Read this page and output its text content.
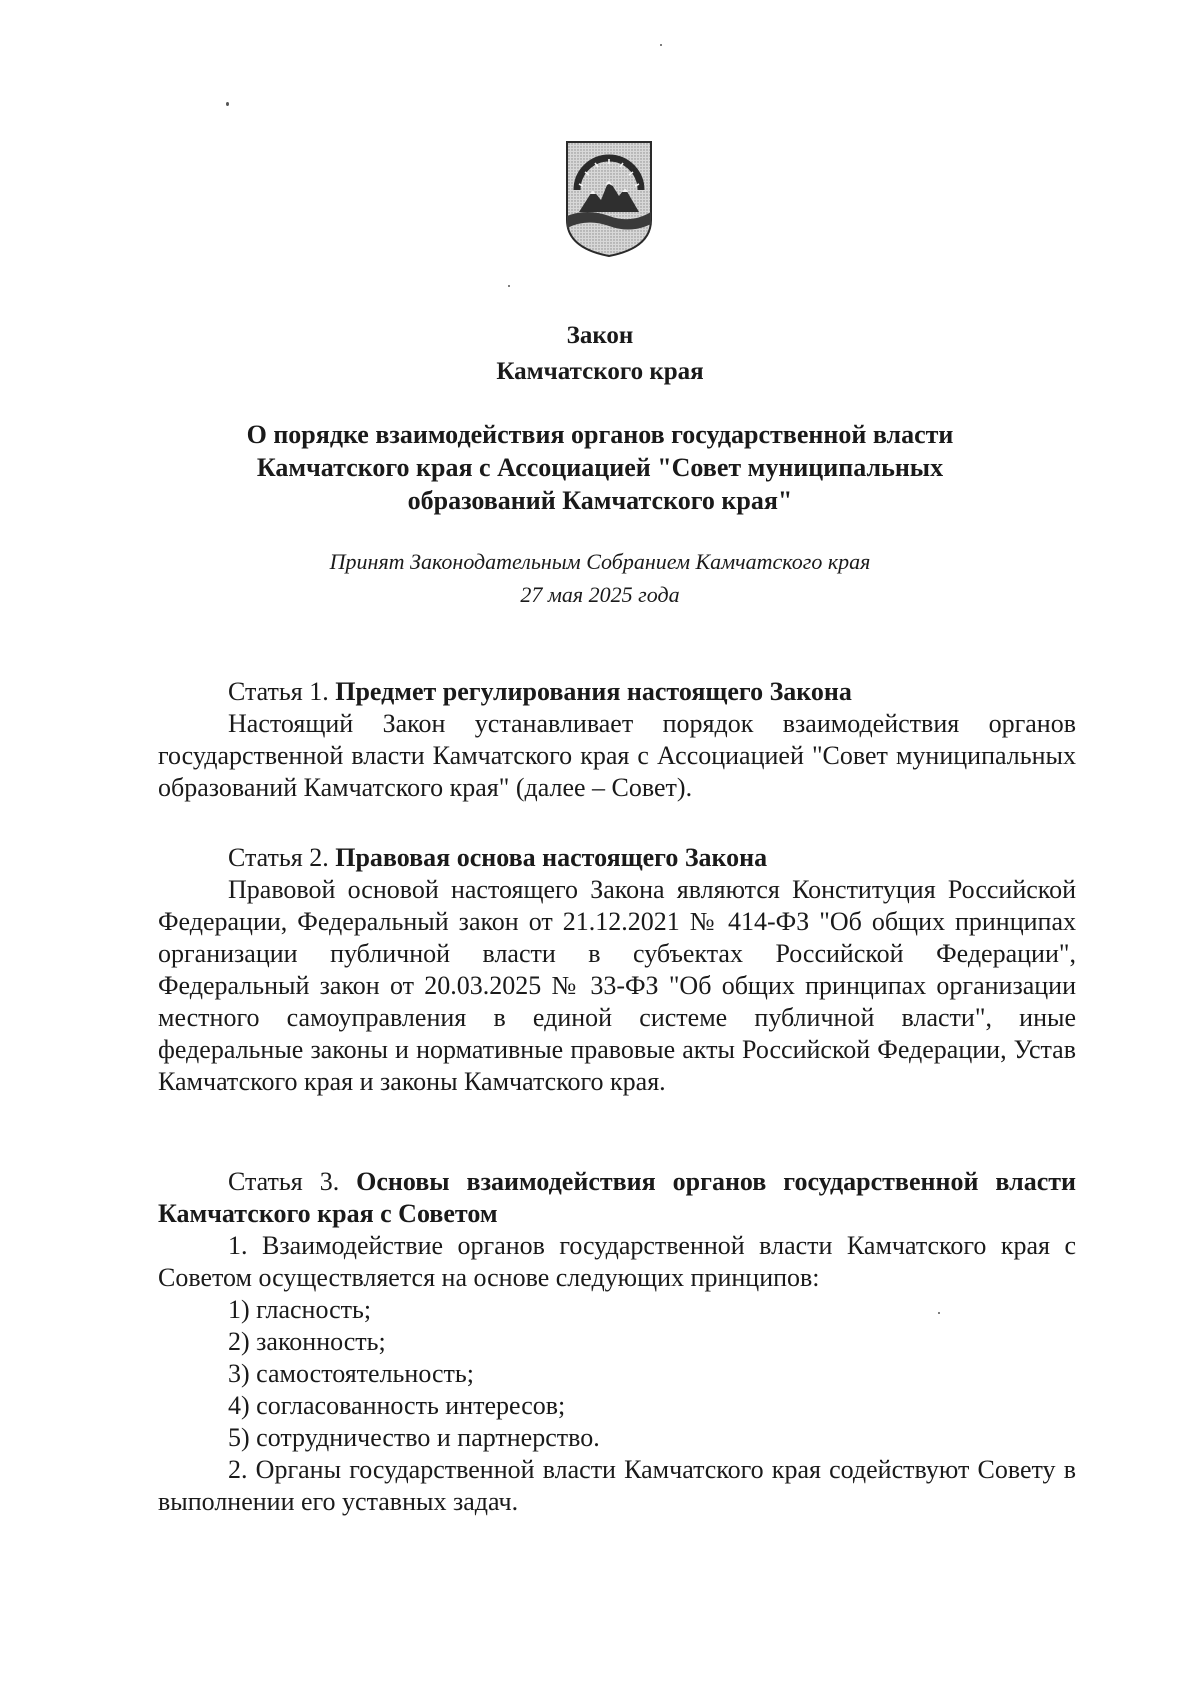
Закон
Камчатского края
О порядке взаимодействия органов государственной власти
Камчатского края с Ассоциацией "Совет муниципальных
образований Камчатского края"
Принят Законодательным Собранием Камчатского края
27 мая 2025 года

Статья 1. Предмет регулирования настоящего Закона

Настоящий Закон устанавливает порядок взаимодействия органов государственной власти Камчатского края с Ассоциацией "Совет муниципальных образований Камчатского края" (далее – Совет).

Статья 2. Правовая основа настоящего Закона

Правовой основой настоящего Закона являются Конституция Российской Федерации, Федеральный закон от 21.12.2021 № 414-ФЗ "Об общих принципах организации публичной власти в субъектах Российской Федерации", Федеральный закон от 20.03.2025 № 33-ФЗ "Об общих принципах организации местного самоуправления в единой системе публичной власти", иные федеральные законы и нормативные правовые акты Российской Федерации, Устав Камчатского края и законы Камчатского края.

Статья 3. Основы взаимодействия органов государственной власти Камчатского края с Советом

1. Взаимодействие органов государственной власти Камчатского края с Советом осуществляется на основе следующих принципов:

1) гласность;

2) законность;

3) самостоятельность;

4) согласованность интересов;

5) сотрудничество и партнерство.

2. Органы государственной власти Камчатского края содействуют Совету в выполнении его уставных задач.
